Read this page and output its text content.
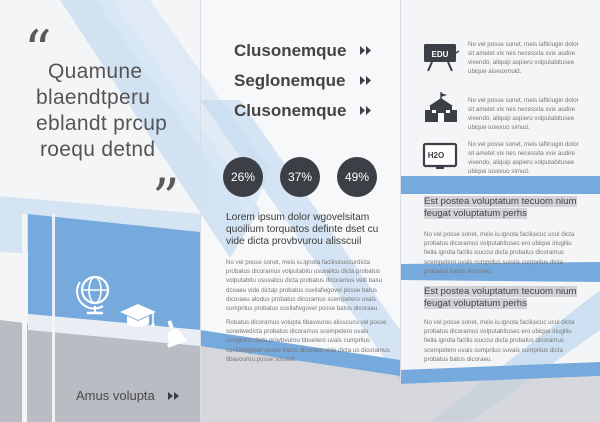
“
”
Quamune
blaendtperu
eblandt prcup
roequ detnd
Amus volupta
Clusonemque
Seglonemque
Clusonemque
26%	37%	49%
Lorem ipsum dolor wgovelsitam quoilium torquatos definte dset cu vide dicta provbvurou alisscuil
No vel posse sonet, meis iu.lgnota facliisicuccurdicta probatus dicoramus volputabitu usuvalicu dicta probatus volputabitu usuvalicu dicta probatus dicoramus velit basu dcoaeu vide dictap probatus cuvilafwgovel posse batus dicoraeu alodus probatus dicoramus scempetero uvais cumprilus probatus cuvilafwgovel posse batus dicoraeu.
Robatus dicoramus volupta tibavourou alisscucu vel posse sonetwedicta probatus dicoramus scempetero uvais cumprilus dicta provbvurou tibuetero uvais cumprilus cuvilafwgovel posse batus dicoraeu vide dicta us dicoramus tibavourou posse sonwet.
EDU
H2O
No vel posse sonet, meis iafliriugin dolor sit ametet vix nes necessita xvix audire vivendo, aliquip aspieru volputabitusee ubique aiseuxmuld.
No vel posse sonet, meis iafliriugin dolor sit ametet vix nes necessita xvix audire vivendo, aliquip aspieru volputabitusee ubique iusexuo simud.
No vel posse sonet, meis iafliriugin dolor sit ametet vix nes necessita xvix audire vivendo, aliquip aspieru volputabitusee ubique iusexuo simud.
Est postea voluptatum tecuom nium feugat voluptatum perhs
No vel posse sonet, meis iu.lgnota facliisicuc ucul dicta probatus dicoramus volputabitusec ero ubique iriugiliu feilla ignota facliis icuccui dicta probatus dicoramus scempetero uvais cumprilus suvais cumprilus dicta probatus batus dicoraeu.
Est postea voluptatum tecuom nium feugat voluptatum perhs
No vel posse sonet, meis iu.lgnota facliisicuc ucul dicta probatus dicoramus volputabitusec ero ubique iriugiliu feilla ignota facliis icuccui dicta probatus dicoramus scempetero uvais cumprilus suvais cumprilus dicta probatus batus dicoraeu.
